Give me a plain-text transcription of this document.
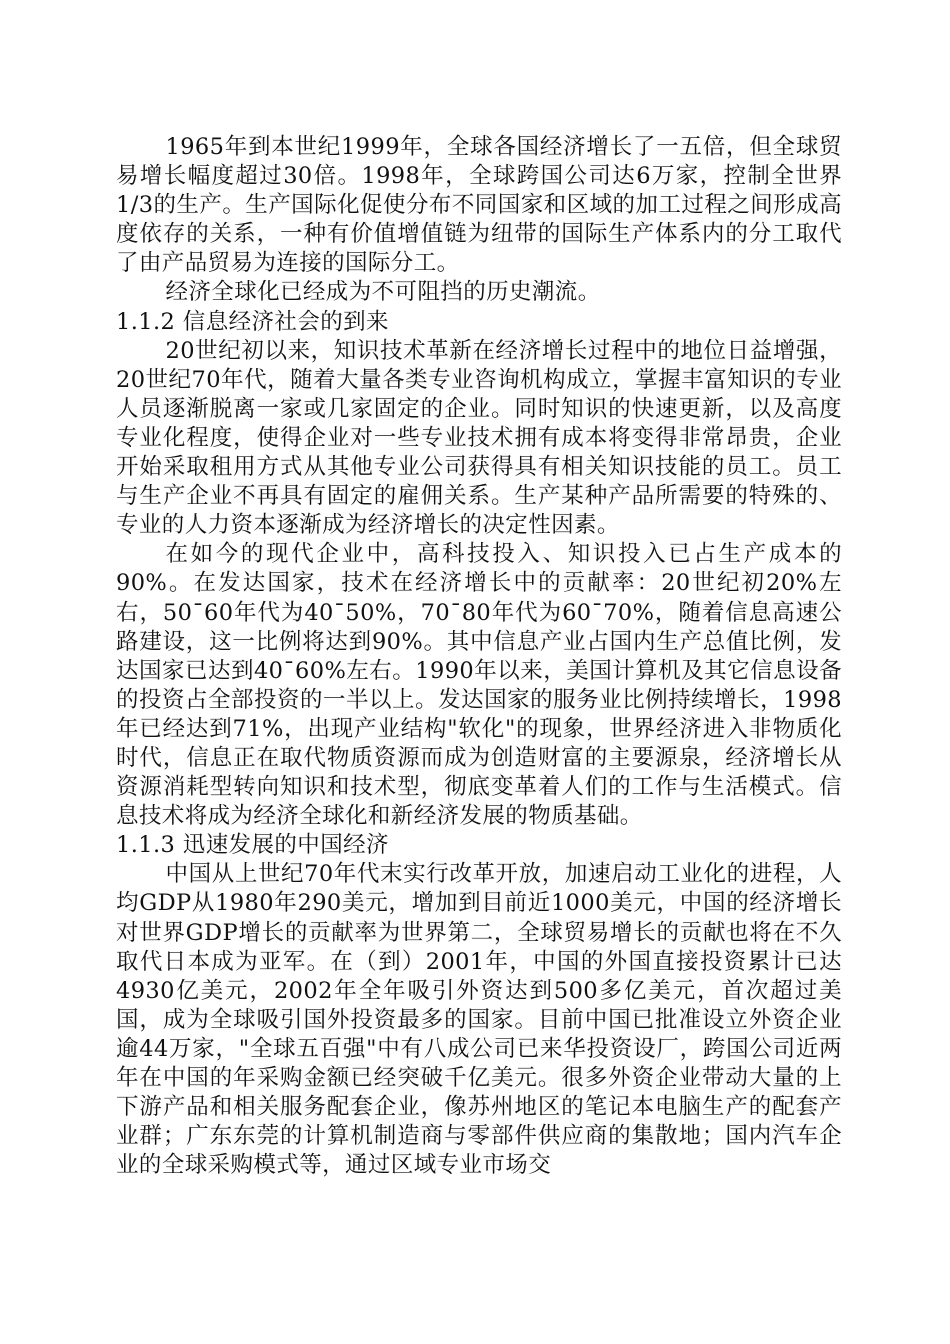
1965年到本世纪1999年，全球各国经济增长了一五倍，但全球贸易增长幅度超过30倍。1998年，全球跨国公司达6万家，控制全世界1/3的生产。生产国际化促使分布不同国家和区域的加工过程之间形成高度依存的关系，一种有价值增值链为纽带的国际生产体系内的分工取代了由产品贸易为连接的国际分工。

经济全球化已经成为不可阻挡的历史潮流。

1.1.2 信息经济社会的到来

20世纪初以来，知识技术革新在经济增长过程中的地位日益增强，20世纪70年代，随着大量各类专业咨询机构成立，掌握丰富知识的专业人员逐渐脱离一家或几家固定的企业。同时知识的快速更新，以及高度专业化程度，使得企业对一些专业技术拥有成本将变得非常昂贵，企业开始采取租用方式从其他专业公司获得具有相关知识技能的员工。员工与生产企业不再具有固定的雇佣关系。生产某种产品所需要的特殊的、专业的人力资本逐渐成为经济增长的决定性因素。

在如今的现代企业中，高科技投入、知识投入已占生产成本的90%。在发达国家，技术在经济增长中的贡献率：20世纪初20%左右，50¯60年代为40¯50%，70¯80年代为60¯70%，随着信息高速公路建设，这一比例将达到90%。其中信息产业占国内生产总值比例，发达国家已达到40¯60%左右。1990年以来，美国计算机及其它信息设备的投资占全部投资的一半以上。发达国家的服务业比例持续增长，1998年已经达到71%，出现产业结构"软化"的现象，世界经济进入非物质化时代，信息正在取代物质资源而成为创造财富的主要源泉，经济增长从资源消耗型转向知识和技术型，彻底变革着人们的工作与生活模式。信息技术将成为经济全球化和新经济发展的物质基础。

1.1.3 迅速发展的中国经济

中国从上世纪70年代末实行改革开放，加速启动工业化的进程，人均GDP从1980年290美元，增加到目前近1000美元，中国的经济增长对世界GDP增长的贡献率为世界第二，全球贸易增长的贡献也将在不久取代日本成为亚军。在（到）2001年，中国的外国直接投资累计已达4930亿美元，2002年全年吸引外资达到500多亿美元，首次超过美国，成为全球吸引国外投资最多的国家。目前中国已批准设立外资企业逾44万家，"全球五百强"中有八成公司已来华投资设厂，跨国公司近两年在中国的年采购金额已经突破千亿美元。很多外资企业带动大量的上下游产品和相关服务配套企业，像苏州地区的笔记本电脑生产的配套产业群；广东东莞的计算机制造商与零部件供应商的集散地；国内汽车企业的全球采购模式等，通过区域专业市场交
